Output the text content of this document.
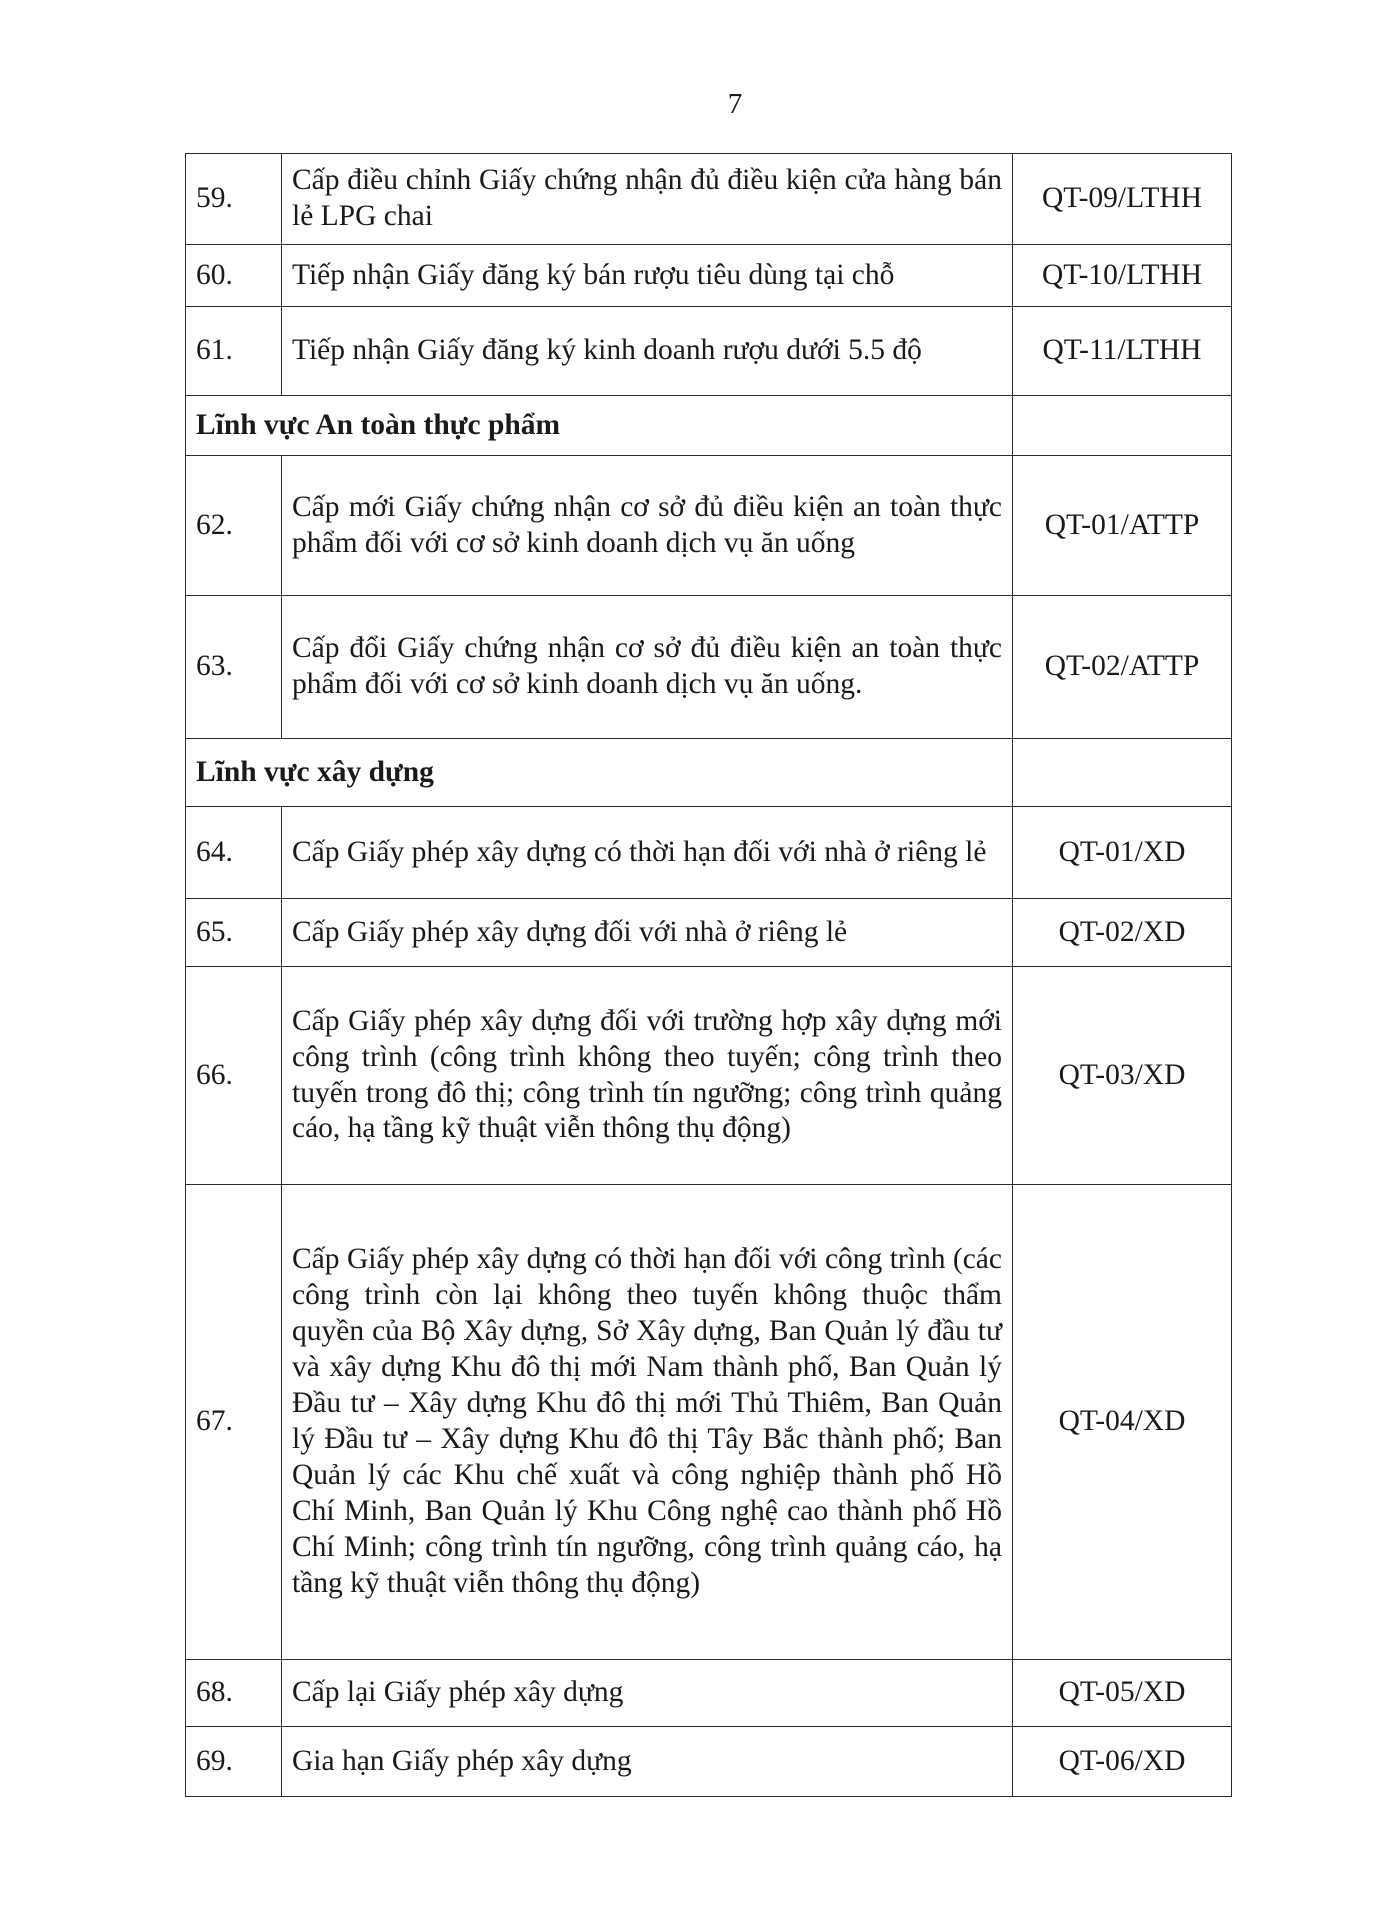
7
59.	Cấp điều chỉnh Giấy chứng nhận đủ điều kiện cửa hàng bán lẻ LPG chai	QT-09/LTHH
60.	Tiếp nhận Giấy đăng ký bán rượu tiêu dùng tại chỗ	QT-10/LTHH
61.	Tiếp nhận Giấy đăng ký kinh doanh rượu dưới 5.5 độ	QT-11/LTHH
Lĩnh vực An toàn thực phẩm		
62.	Cấp mới Giấy chứng nhận cơ sở đủ điều kiện an toàn thực phẩm đối với cơ sở kinh doanh dịch vụ ăn uống	QT-01/ATTP
63.	Cấp đổi Giấy chứng nhận cơ sở đủ điều kiện an toàn thực phẩm đối với cơ sở kinh doanh dịch vụ ăn uống.	QT-02/ATTP
Lĩnh vực xây dựng		
64.	Cấp Giấy phép xây dựng có thời hạn đối với nhà ở riêng lẻ	QT-01/XD
65.	Cấp Giấy phép xây dựng đối với nhà ở riêng lẻ	QT-02/XD
66.	Cấp Giấy phép xây dựng đối với trường hợp xây dựng mới công trình (công trình không theo tuyến; công trình theo tuyến trong đô thị; công trình tín ngưỡng; công trình quảng cáo, hạ tầng kỹ thuật viễn thông thụ động)	QT-03/XD
67.	Cấp Giấy phép xây dựng có thời hạn đối với công trình (các công trình còn lại không theo tuyến không thuộc thẩm quyền của Bộ Xây dựng, Sở Xây dựng, Ban Quản lý đầu tư và xây dựng Khu đô thị mới Nam thành phố, Ban Quản lý Đầu tư – Xây dựng Khu đô thị mới Thủ Thiêm, Ban Quản lý Đầu tư – Xây dựng Khu đô thị Tây Bắc thành phố; Ban Quản lý các Khu chế xuất và công nghiệp thành phố Hồ Chí Minh, Ban Quản lý Khu Công nghệ cao thành phố Hồ Chí Minh; công trình tín ngưỡng, công trình quảng cáo, hạ tầng kỹ thuật viễn thông thụ động)	QT-04/XD
68.	Cấp lại Giấy phép xây dựng	QT-05/XD
69.	Gia hạn Giấy phép xây dựng	QT-06/XD
